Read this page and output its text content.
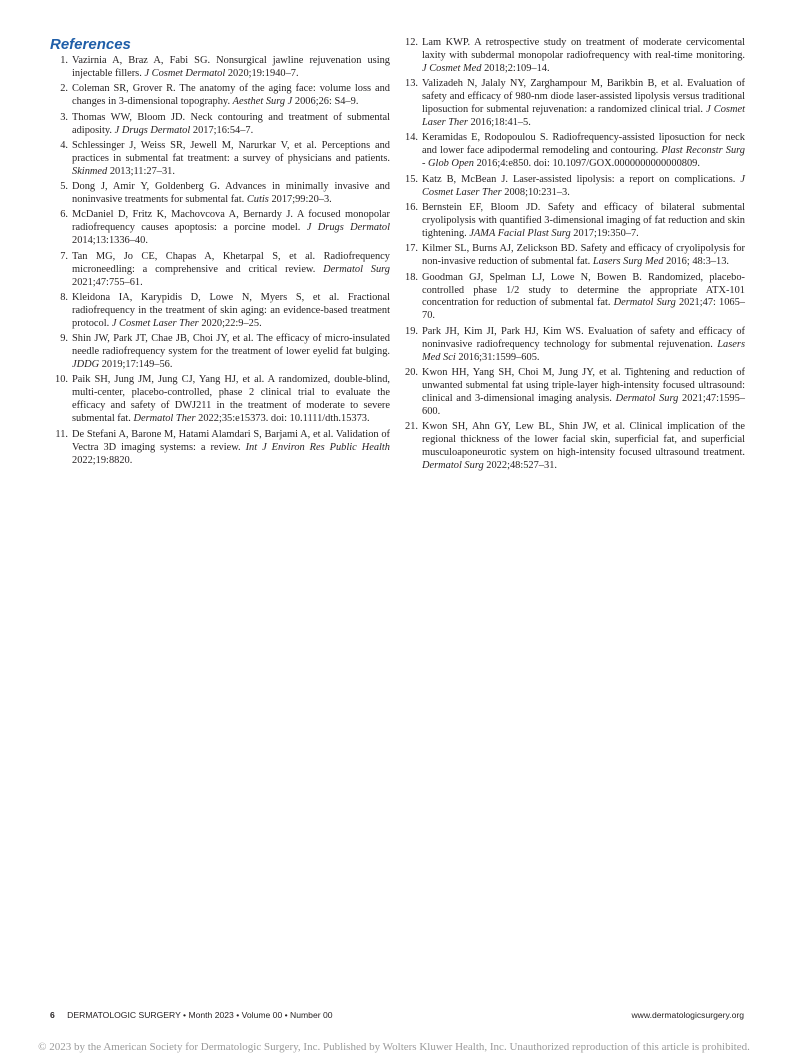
References
1. Vazirnia A, Braz A, Fabi SG. Nonsurgical jawline rejuvenation using injectable fillers. J Cosmet Dermatol 2020;19:1940–7.
2. Coleman SR, Grover R. The anatomy of the aging face: volume loss and changes in 3-dimensional topography. Aesthet Surg J 2006;26: S4–9.
3. Thomas WW, Bloom JD. Neck contouring and treatment of submental adiposity. J Drugs Dermatol 2017;16:54–7.
4. Schlessinger J, Weiss SR, Jewell M, Narurkar V, et al. Perceptions and practices in submental fat treatment: a survey of physicians and patients. Skinmed 2013;11:27–31.
5. Dong J, Amir Y, Goldenberg G. Advances in minimally invasive and noninvasive treatments for submental fat. Cutis 2017;99:20–3.
6. McDaniel D, Fritz K, Machovcova A, Bernardy J. A focused monopolar radiofrequency causes apoptosis: a porcine model. J Drugs Dermatol 2014;13:1336–40.
7. Tan MG, Jo CE, Chapas A, Khetarpal S, et al. Radiofrequency microneedling: a comprehensive and critical review. Dermatol Surg 2021;47:755–61.
8. Kleidona IA, Karypidis D, Lowe N, Myers S, et al. Fractional radiofrequency in the treatment of skin aging: an evidence-based treatment protocol. J Cosmet Laser Ther 2020;22:9–25.
9. Shin JW, Park JT, Chae JB, Choi JY, et al. The efficacy of micro-insulated needle radiofrequency system for the treatment of lower eyelid fat bulging. JDDG 2019;17:149–56.
10. Paik SH, Jung JM, Jung CJ, Yang HJ, et al. A randomized, double-blind, multi-center, placebo-controlled, phase 2 clinical trial to evaluate the efficacy and safety of DWJ211 in the treatment of moderate to severe submental fat. Dermatol Ther 2022;35:e15373. doi: 10.1111/dth.15373.
11. De Stefani A, Barone M, Hatami Alamdari S, Barjami A, et al. Validation of Vectra 3D imaging systems: a review. Int J Environ Res Public Health 2022;19:8820.
12. Lam KWP. A retrospective study on treatment of moderate cervicomental laxity with subdermal monopolar radiofrequency with real-time monitoring. J Cosmet Med 2018;2:109–14.
13. Valizadeh N, Jalaly NY, Zarghampour M, Barikbin B, et al. Evaluation of safety and efficacy of 980-nm diode laser-assisted lipolysis versus traditional liposuction for submental rejuvenation: a randomized clinical trial. J Cosmet Laser Ther 2016;18:41–5.
14. Keramidas E, Rodopoulou S. Radiofrequency-assisted liposuction for neck and lower face adipodermal remodeling and contouring. Plast Reconstr Surg - Glob Open 2016;4:e850. doi: 10.1097/GOX.0000000000000809.
15. Katz B, McBean J. Laser-assisted lipolysis: a report on complications. J Cosmet Laser Ther 2008;10:231–3.
16. Bernstein EF, Bloom JD. Safety and efficacy of bilateral submental cryolipolysis with quantified 3-dimensional imaging of fat reduction and skin tightening. JAMA Facial Plast Surg 2017;19:350–7.
17. Kilmer SL, Burns AJ, Zelickson BD. Safety and efficacy of cryolipolysis for non-invasive reduction of submental fat. Lasers Surg Med 2016; 48:3–13.
18. Goodman GJ, Spelman LJ, Lowe N, Bowen B. Randomized, placebo-controlled phase 1/2 study to determine the appropriate ATX-101 concentration for reduction of submental fat. Dermatol Surg 2021;47: 1065–70.
19. Park JH, Kim JI, Park HJ, Kim WS. Evaluation of safety and efficacy of noninvasive radiofrequency technology for submental rejuvenation. Lasers Med Sci 2016;31:1599–605.
20. Kwon HH, Yang SH, Choi M, Jung JY, et al. Tightening and reduction of unwanted submental fat using triple-layer high-intensity focused ultrasound: clinical and 3-dimensional imaging analysis. Dermatol Surg 2021;47:1595–600.
21. Kwon SH, Ahn GY, Lew BL, Shin JW, et al. Clinical implication of the regional thickness of the lower facial skin, superficial fat, and superficial musculoaponeurotic system on high-intensity focused ultrasound treatment. Dermatol Surg 2022;48:527–31.
6 DERMATOLOGIC SURGERY • Month 2023 • Volume 00 • Number 00	www.dermatologicsurgery.org
© 2023 by the American Society for Dermatologic Surgery, Inc. Published by Wolters Kluwer Health, Inc. Unauthorized reproduction of this article is prohibited.
